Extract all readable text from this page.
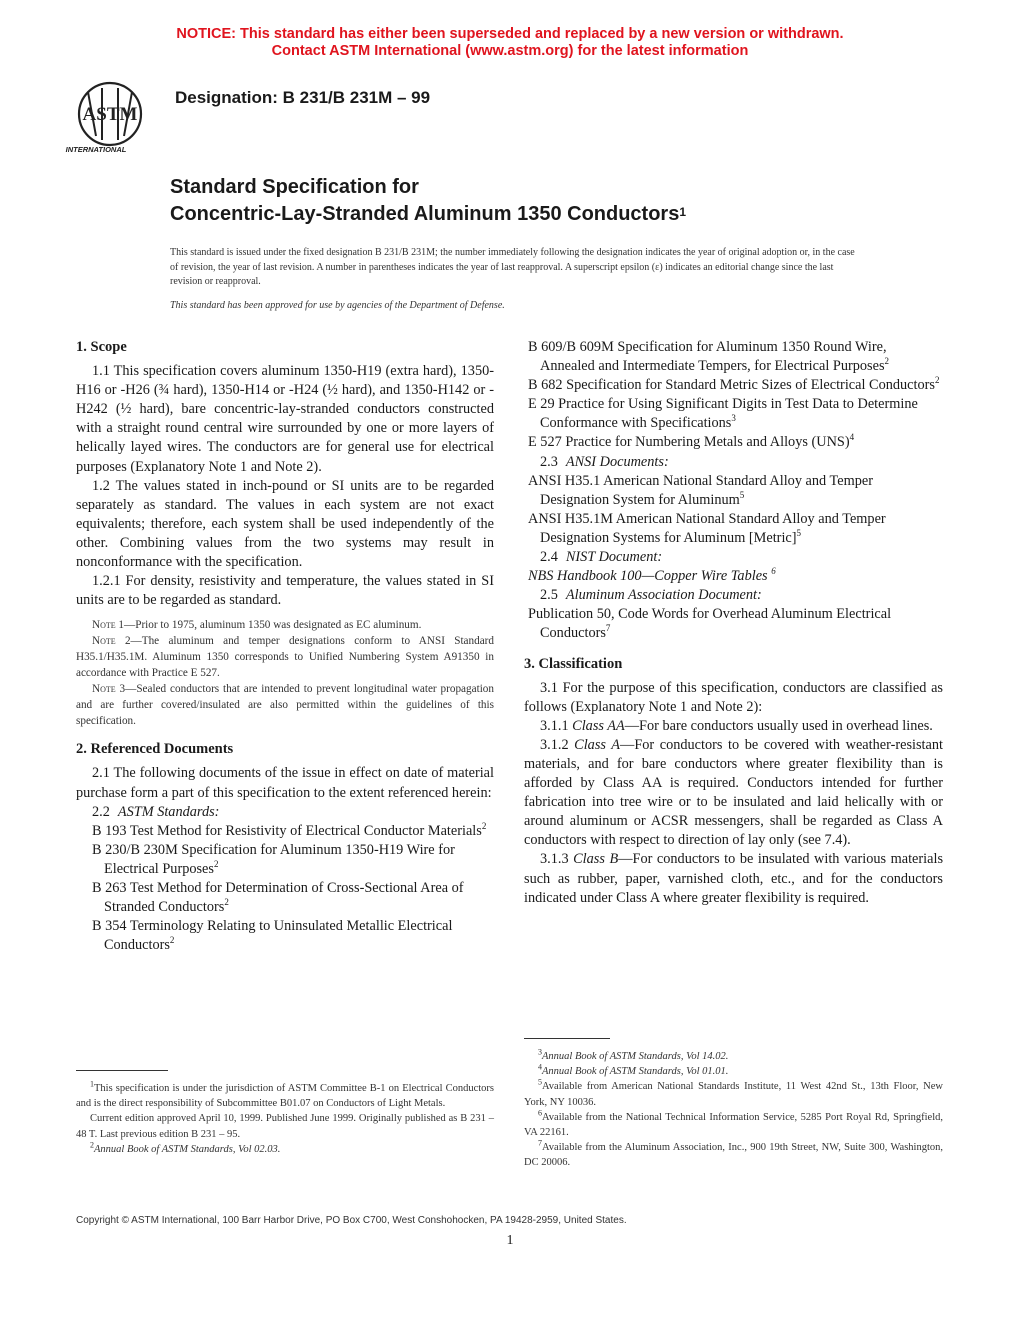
NOTICE: This standard has either been superseded and replaced by a new version or withdrawn.
Contact ASTM International (www.astm.org) for the latest information
ASTM
INTERNATIONAL
Designation: B 231/B 231M – 99
Standard Specification for
Concentric-Lay-Stranded Aluminum 1350 Conductors$^1$
This standard is issued under the fixed designation B 231/B 231M; the number immediately following the designation indicates the year of original adoption or, in the case of revision, the year of last revision. A number in parentheses indicates the year of last reapproval. A superscript epsilon (ε) indicates an editorial change since the last revision or reapproval.
This standard has been approved for use by agencies of the Department of Defense.
1. Scope

1.1 This specification covers aluminum 1350-H19 (extra hard), 1350-H16 or -H26 (¾ hard), 1350-H14 or -H24 (½ hard), and 1350-H142 or -H242 (½ hard), bare concentric-lay-stranded conductors constructed with a straight round central wire surrounded by one or more layers of helically layed wires. The conductors are for general use for electrical purposes (Explanatory Note 1 and Note 2).

1.2 The values stated in inch-pound or SI units are to be regarded separately as standard. The values in each system are not exact equivalents; therefore, each system shall be used independently of the other. Combining values from the two systems may result in nonconformance with the specification.

1.2.1 For density, resistivity and temperature, the values stated in SI units are to be regarded as standard.

Note 1—Prior to 1975, aluminum 1350 was designated as EC aluminum.

Note 2—The aluminum and temper designations conform to ANSI Standard H35.1/H35.1M. Aluminum 1350 corresponds to Unified Numbering System A91350 in accordance with Practice E 527.

Note 3—Sealed conductors that are intended to prevent longitudinal water propagation and are further covered/insulated are also permitted within the guidelines of this specification.

2. Referenced Documents

2.1 The following documents of the issue in effect on date of material purchase form a part of this specification to the extent referenced herein:

2.2 ASTM Standards:

B 193 Test Method for Resistivity of Electrical Conductor Materials$^2$

B 230/B 230M Specification for Aluminum 1350-H19 Wire for Electrical Purposes$^2$

B 263 Test Method for Determination of Cross-Sectional Area of Stranded Conductors$^2$

B 354 Terminology Relating to Uninsulated Metallic Electrical Conductors$^2$

B 609/B 609M Specification for Aluminum 1350 Round Wire, Annealed and Intermediate Tempers, for Electrical Purposes$^2$

B 682 Specification for Standard Metric Sizes of Electrical Conductors$^2$

E 29 Practice for Using Significant Digits in Test Data to Determine Conformance with Specifications$^3$

E 527 Practice for Numbering Metals and Alloys (UNS)$^4$

2.3 ANSI Documents:

ANSI H35.1 American National Standard Alloy and Temper Designation System for Aluminum$^5$

ANSI H35.1M American National Standard Alloy and Temper Designation Systems for Aluminum [Metric]$^5$

2.4 NIST Document:

NBS Handbook 100—Copper Wire Tables $^6$

2.5 Aluminum Association Document:

Publication 50, Code Words for Overhead Aluminum Electrical Conductors$^7$

3. Classification

3.1 For the purpose of this specification, conductors are classified as follows (Explanatory Note 1 and Note 2):

3.1.1 Class AA—For bare conductors usually used in overhead lines.

3.1.2 Class A—For conductors to be covered with weather-resistant materials, and for bare conductors where greater flexibility than is afforded by Class AA is required. Conductors intended for further fabrication into tree wire or to be insulated and laid helically with or around aluminum or ACSR messengers, shall be regarded as Class A conductors with respect to direction of lay only (see 7.4).

3.1.3 Class B—For conductors to be insulated with various materials such as rubber, paper, varnished cloth, etc., and for the conductors indicated under Class A where greater flexibility is required.

$^1$This specification is under the jurisdiction of ASTM Committee B-1 on Electrical Conductors and is the direct responsibility of Subcommittee B01.07 on Conductors of Light Metals.

Current edition approved April 10, 1999. Published June 1999. Originally published as B 231 – 48 T. Last previous edition B 231 – 95.

$^2$Annual Book of ASTM Standards, Vol 02.03.

$^3$Annual Book of ASTM Standards, Vol 14.02.

$^4$Annual Book of ASTM Standards, Vol 01.01.

$^5$Available from American National Standards Institute, 11 West 42nd St., 13th Floor, New York, NY 10036.

$^6$Available from the National Technical Information Service, 5285 Port Royal Rd, Springfield, VA 22161.

$^7$Available from the Aluminum Association, Inc., 900 19th Street, NW, Suite 300, Washington, DC 20006.

Copyright © ASTM International, 100 Barr Harbor Drive, PO Box C700, West Conshohocken, PA 19428-2959, United States.
1
